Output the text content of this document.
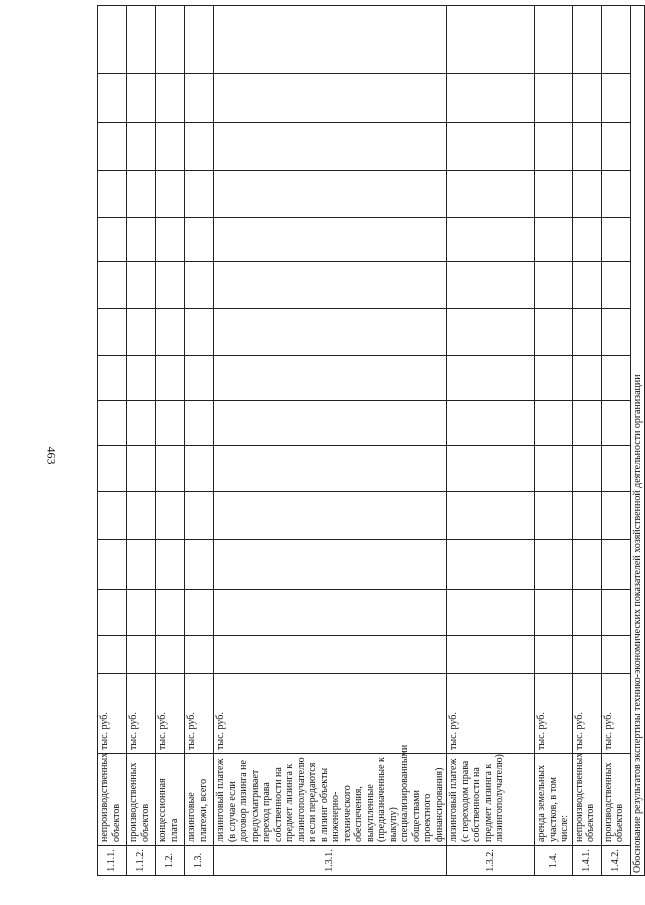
463
1.1.1.	непроизводственных объектов	тыс. руб.														
1.1.2.	производственных объектов	тыс. руб.														
1.2.	концессионная плата	тыс. руб.														
1.3.	лизинговые платежи, всего	тыс. руб.														
1.3.1.	лизинговый платеж (в случае если договор лизинга не предусматривает переход права собственности на предмет лизинга к лизингополучателю и если передаются в лизинг объекты инженерно-технического обеспечения, выкупленные (предназначенные к выкупу) специализированными обществами проектного финансирования)	тыс. руб.														
1.3.2.	лизинговый платеж (с переходом права собственности на предмет лизинга к лизингополучателю)	тыс. руб.														
1.4.	аренда земельных участков, в том числе:	тыс. руб.														
1.4.1.	непроизводственных объектов	тыс. руб.														
1.4.2.	производственных объектов	тыс. руб.														
Обоснование результатов экспертизы технико-экономических показателей хозяйственной деятельности организации																
